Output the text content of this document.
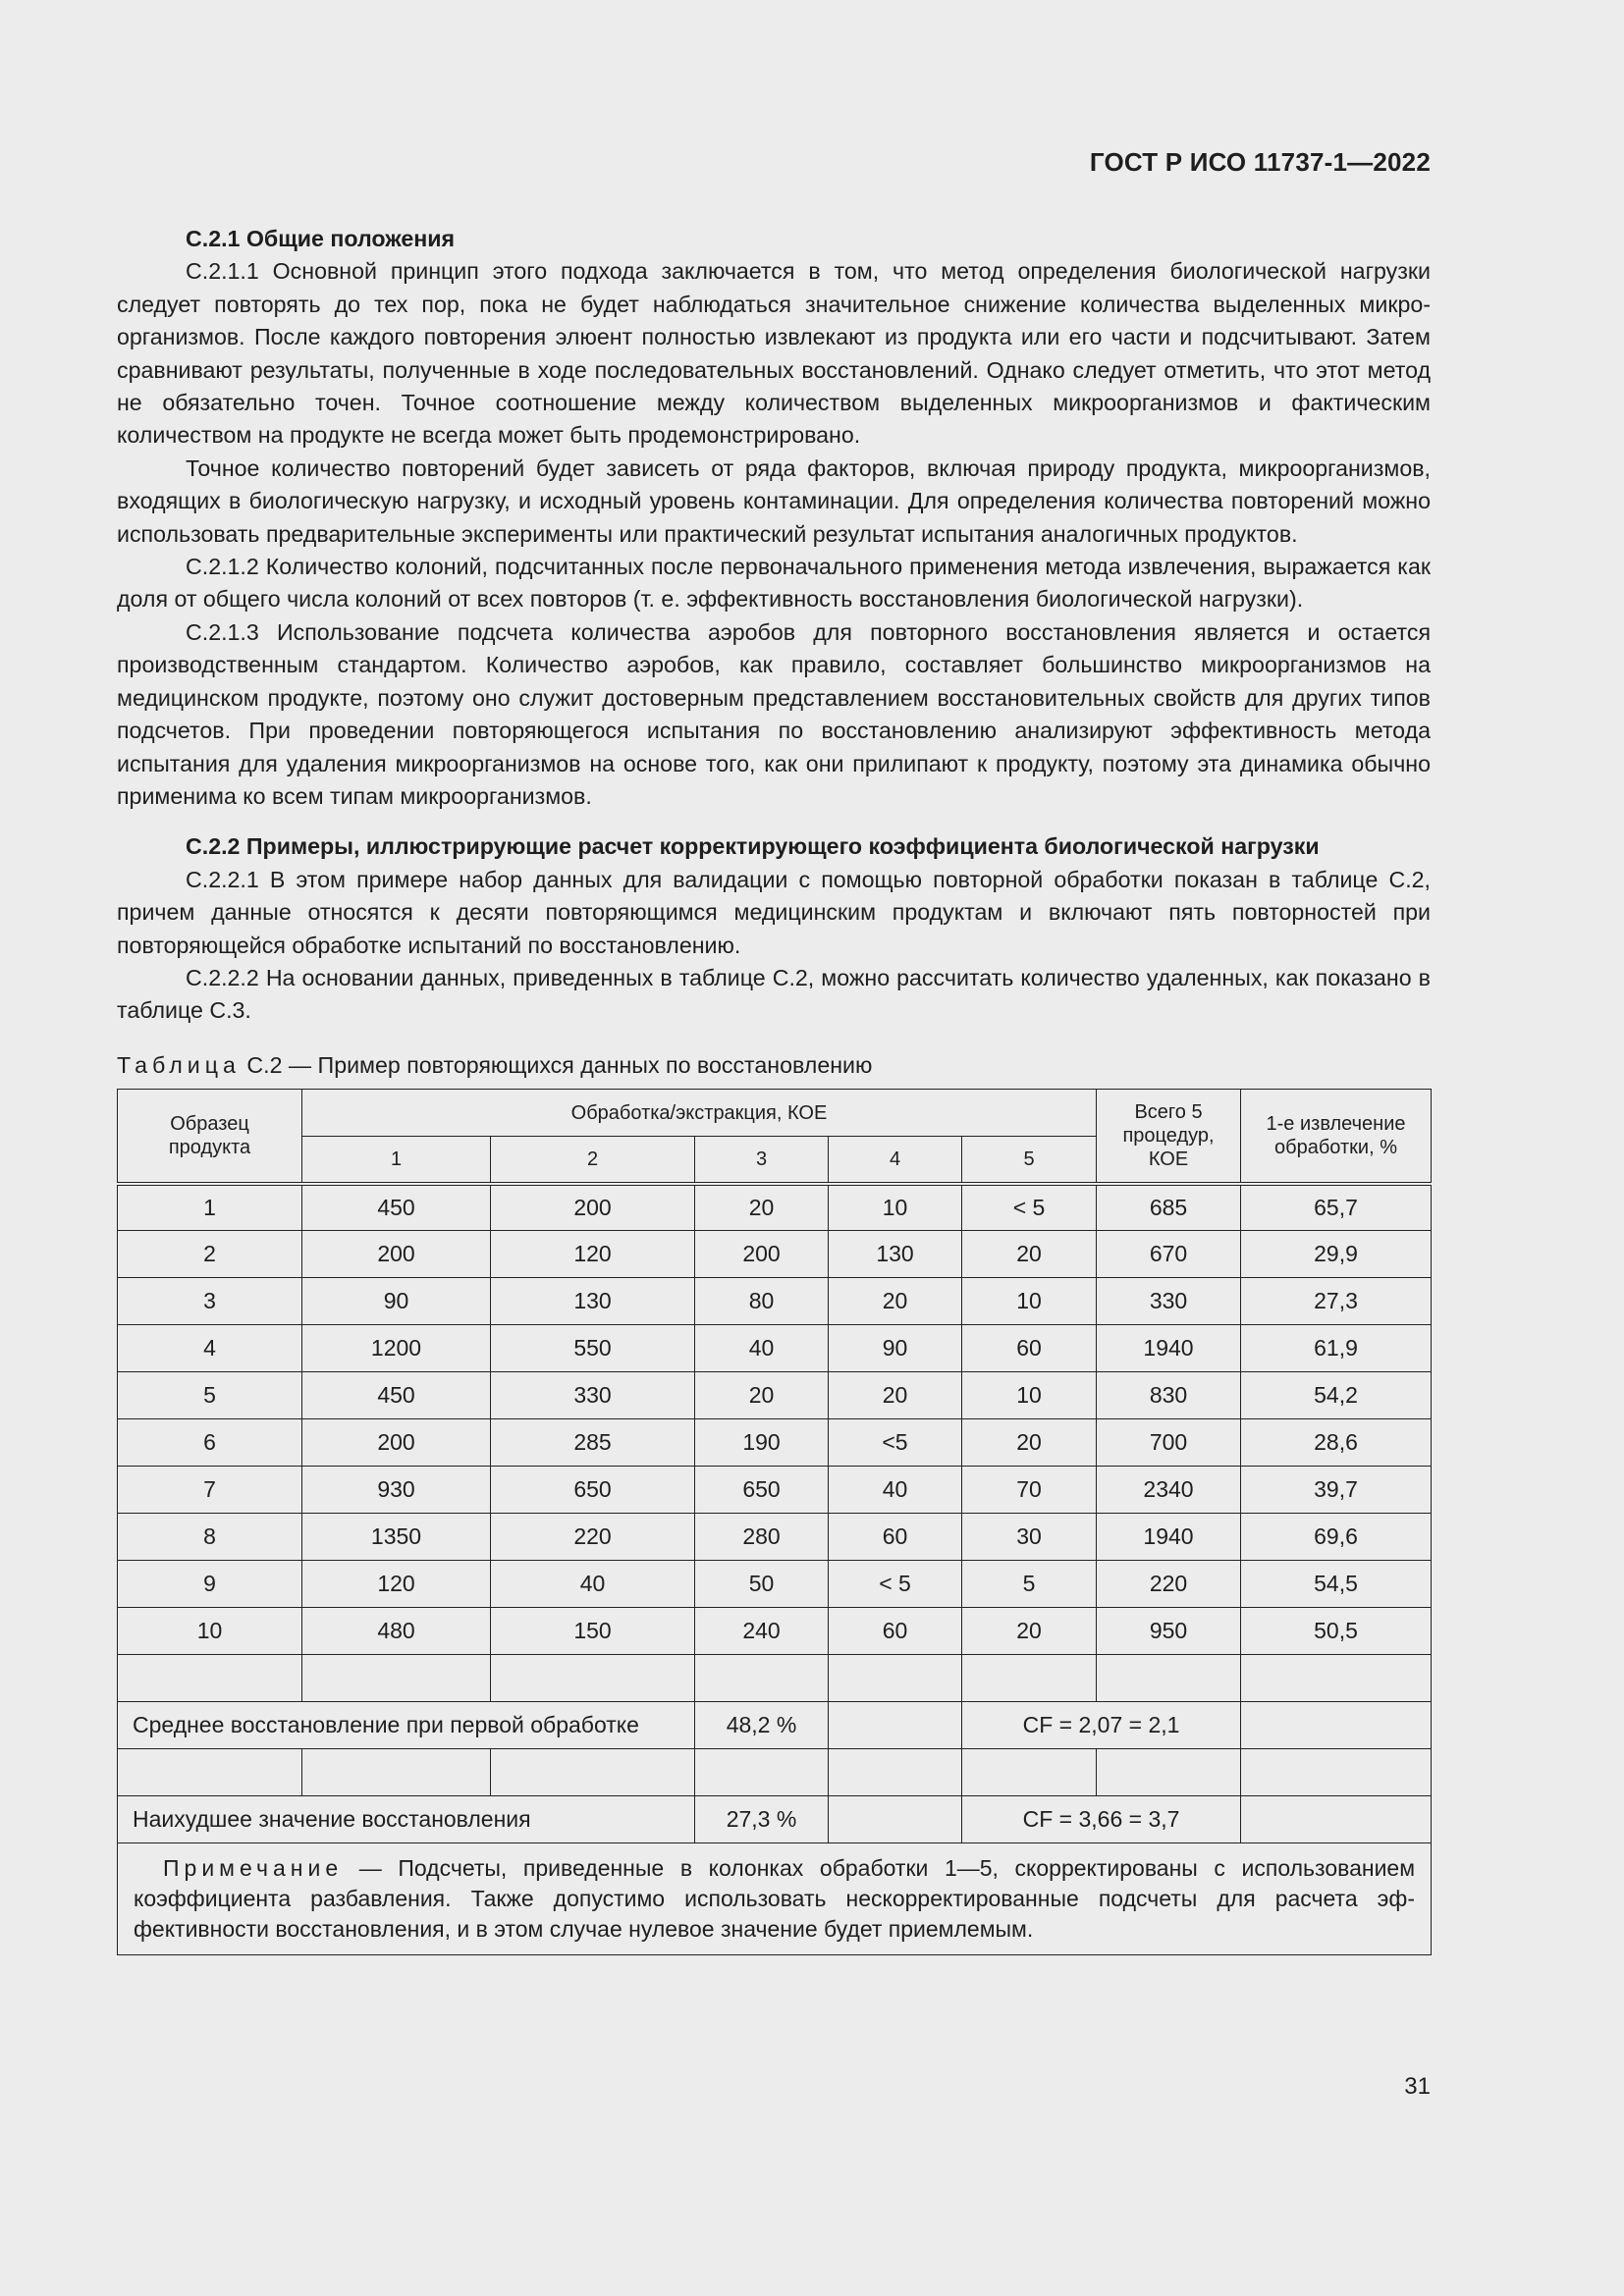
ГОСТ Р ИСО 11737-1—2022

С.2.1 Общие положения

С.2.1.1 Основной принцип этого подхода заключается в том, что метод определения биологической нагрузки следует повторять до тех пор, пока не будет наблюдаться значительное снижение количества выделенных микроорганизмов. После каждого повторения элюент полностью извлекают из продукта или его части и подсчитывают. Затем сравнивают результаты, полученные в ходе последовательных восстановлений. Однако следует отметить, что этот метод не обязательно точен. Точное соотношение между количеством выделенных микроорганизмов и фактическим количеством на продукте не всегда может быть продемонстрировано.

Точное количество повторений будет зависеть от ряда факторов, включая природу продукта, микроорганизмов, входящих в биологическую нагрузку, и исходный уровень контаминации. Для определения количества повторений можно использовать предварительные эксперименты или практический результат испытания аналогичных продуктов.

С.2.1.2 Количество колоний, подсчитанных после первоначального применения метода извлечения, выражается как доля от общего числа колоний от всех повторов (т. е. эффективность восстановления биологической нагрузки).

С.2.1.3 Использование подсчета количества аэробов для повторного восстановления является и остается производственным стандартом. Количество аэробов, как правило, составляет большинство микроорганизмов на медицинском продукте, поэтому оно служит достоверным представлением восстановительных свойств для других типов подсчетов. При проведении повторяющегося испытания по восстановлению анализируют эффективность метода испытания для удаления микроорганизмов на основе того, как они прилипают к продукту, поэтому эта динамика обычно применима ко всем типам микроорганизмов.

С.2.2 Примеры, иллюстрирующие расчет корректирующего коэффициента биологической нагрузки

С.2.2.1 В этом примере набор данных для валидации с помощью повторной обработки показан в таблице С.2, причем данные относятся к десяти повторяющимся медицинским продуктам и включают пять повторностей при повторяющейся обработке испытаний по восстановлению.

С.2.2.2 На основании данных, приведенных в таблице С.2, можно рассчитать количество удаленных, как показано в таблице С.3.

Таблица С.2 — Пример повторяющихся данных по восстановлению
Образец продукта	Обработка/экстракция, КОЕ					Всего 5 процедур, КОЕ	1-е извлечение обработки, %
	1	2	3	4	5		
1	450	200	20	10	< 5	685	65,7
2	200	120	200	130	20	670	29,9
3	90	130	80	20	10	330	27,3
4	1200	550	40	90	60	1940	61,9
5	450	330	20	20	10	830	54,2
6	200	285	190	<5	20	700	28,6
7	930	650	650	40	70	2340	39,7
8	1350	220	280	60	30	1940	69,6
9	120	40	50	< 5	5	220	54,5
10	480	150	240	60	20	950	50,5

Среднее восстановление при первой обработке			48,2 %		CF = 2,07 = 2,1		

Наихудшее значение восстановления			27,3 %		CF = 3,66 = 3,7		
Примечание — Подсчеты, приведенные в колонках обработки 1—5, скорректированы с использованием коэффициента разбавления. Также допустимо использовать нескорректированные подсчеты для расчета эффективности восстановления, и в этом случае нулевое значение будет приемлемым.							
31
